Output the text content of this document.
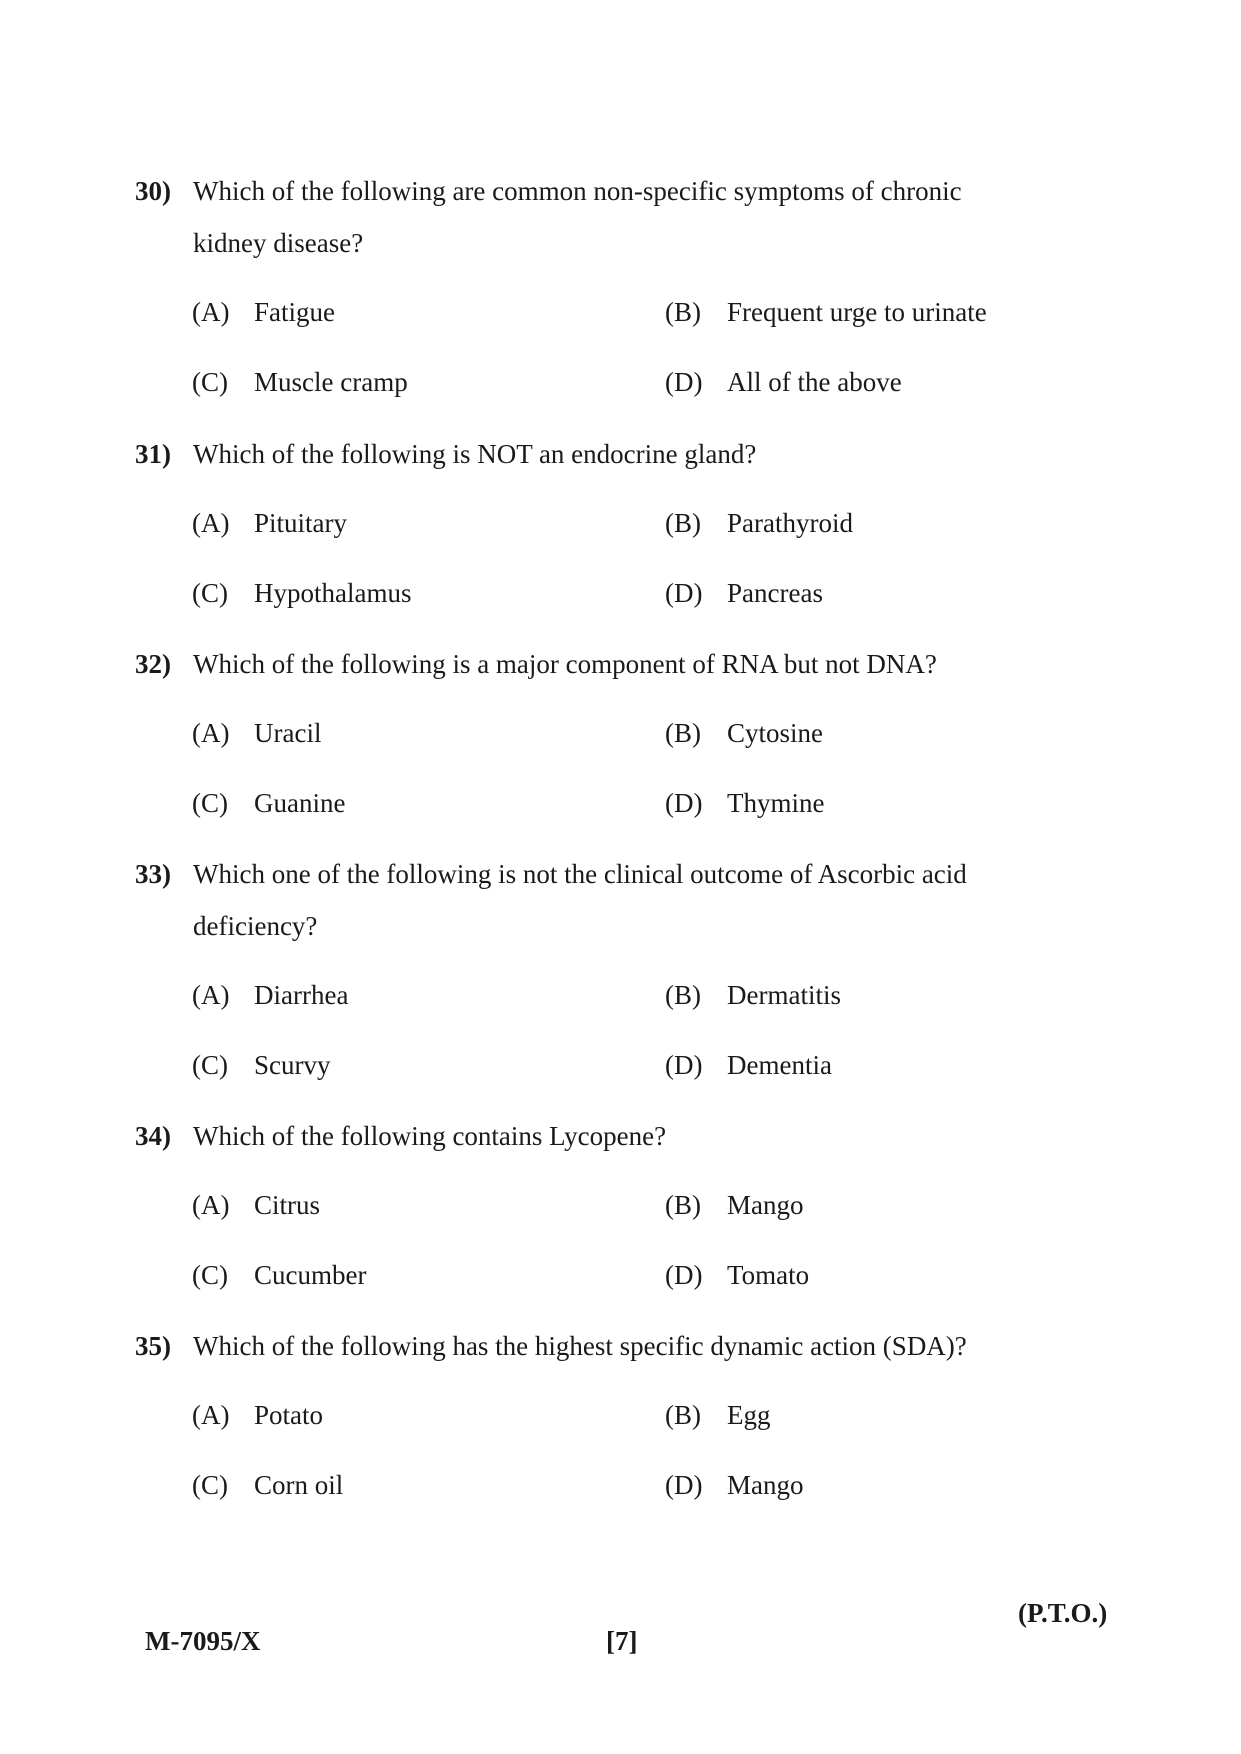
30) Which of the following are common non-specific symptoms of chronic kidney disease?
(A) Fatigue	(B) Frequent urge to urinate
(C) Muscle cramp	(D) All of the above
31) Which of the following is NOT an endocrine gland?
(A) Pituitary	(B) Parathyroid
(C) Hypothalamus	(D) Pancreas
32) Which of the following is a major component of RNA but not DNA?
(A) Uracil	(B) Cytosine
(C) Guanine	(D) Thymine
33) Which one of the following is not the clinical outcome of Ascorbic acid deficiency?
(A) Diarrhea	(B) Dermatitis
(C) Scurvy	(D) Dementia
34) Which of the following contains Lycopene?
(A) Citrus	(B) Mango
(C) Cucumber	(D) Tomato
35) Which of the following has the highest specific dynamic action (SDA)?
(A) Potato	(B) Egg
(C) Corn oil	(D) Mango
M-7095/X	[7]
(P.T.O.)
